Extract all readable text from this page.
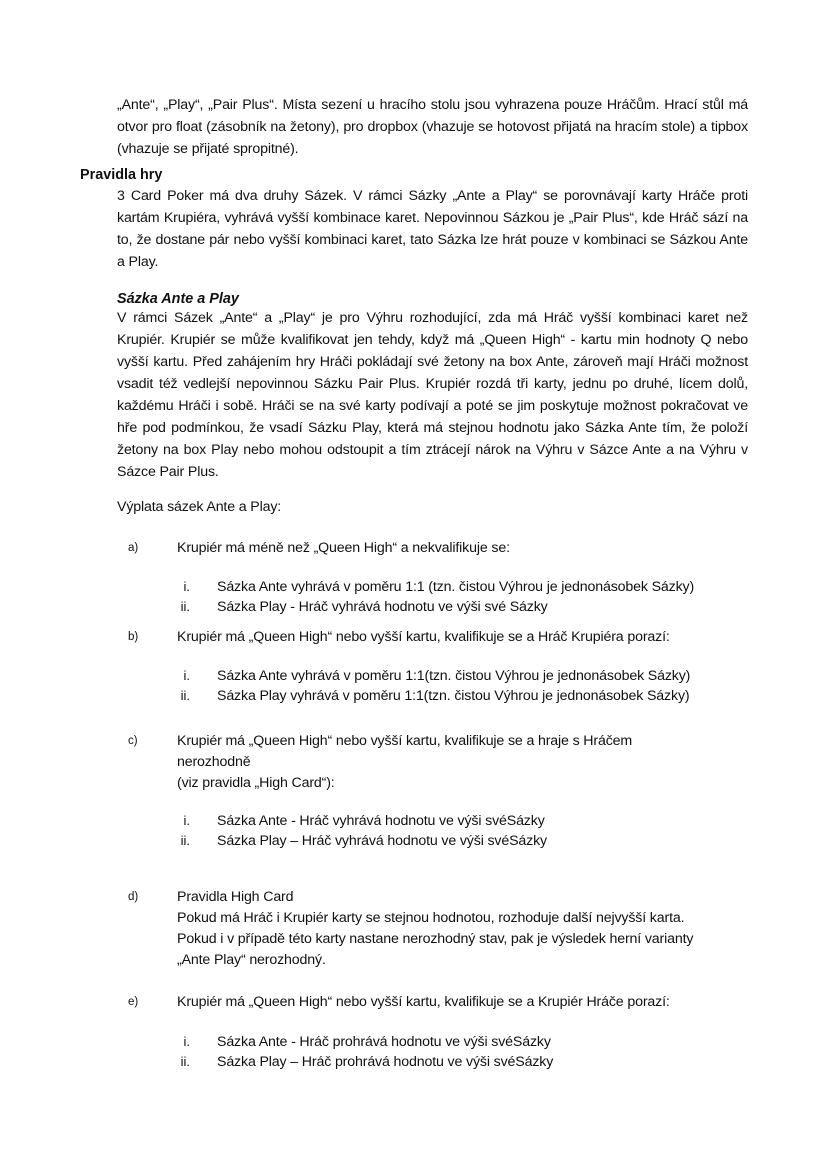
„Ante“, „Play“, „Pair Plus“. Místa sezení u hracího stolu jsou vyhrazena pouze Hráčům. Hrací stůl má otvor pro float (zásobník na žetony), pro dropbox (vhazuje se hotovost přijatá na hracím stole) a tipbox (vhazuje se přijaté spropitné).

Pravidla hry

3 Card Poker má dva druhy Sázek. V rámci Sázky „Ante a Play“ se porovnávají karty Hráče proti kartám Krupiéra, vyhrává vyšší kombinace karet. Nepovinnou Sázkou je „Pair Plus“, kde Hráč sází na to, že dostane pár nebo vyšší kombinaci karet, tato Sázka lze hrát pouze v kombinaci se Sázkou Ante a Play.

Sázka Ante a Play

V rámci Sázek „Ante“ a „Play“ je pro Výhru rozhodující, zda má Hráč vyšší kombinaci karet než Krupiér. Krupiér se může kvalifikovat jen tehdy, když má „Queen High“ - kartu min hodnoty Q nebo vyšší kartu. Před zahájením hry Hráči pokládají své žetony na box Ante, zároveň mají Hráči možnost vsadit též vedlejší nepovinnou Sázku Pair Plus. Krupiér rozdá tři karty, jednu po druhé, lícem dolů, každému Hráči i sobě. Hráči se na své karty podívají a poté se jim poskytuje možnost pokračovat ve hře pod podmínkou, že vsadí Sázku Play, která má stejnou hodnotu jako Sázka Ante tím, že položí žetony na box Play nebo mohou odstoupit a tím ztrácejí nárok na Výhru v Sázce Ante a na Výhru v Sázce Pair Plus.

Výplata sázek Ante a Play:

a)	Krupiér má méně než „Queen High“ a nekvalifikuje se:
i. Sázka Ante vyhrává v poměru 1:1 (tzn. čistou Výhrou je jednonásobek Sázky)
ii. Sázka Play - Hráč vyhrává hodnotu ve výši své Sázky
b)	Krupiér má „Queen High“ nebo vyšší kartu, kvalifikuje se a Hráč Krupiéra porazí:
i. Sázka Ante vyhrává v poměru 1:1(tzn. čistou Výhrou je jednonásobek Sázky)
ii. Sázka Play vyhrává v poměru 1:1(tzn. čistou Výhrou je jednonásobek Sázky)
c)	Krupiér má „Queen High“ nebo vyšší kartu, kvalifikuje se a hraje s Hráčem
nerozhodně
(viz pravidla „High Card“):
i. Sázka Ante - Hráč vyhrává hodnotu ve výši svéSázky
ii. Sázka Play – Hráč vyhrává hodnotu ve výši svéSázky
d)	Pravidla High Card
Pokud má Hráč i Krupiér karty se stejnou hodnotou, rozhoduje další nejvyšší karta.
Pokud i v případě této karty nastane nerozhodný stav, pak je výsledek herní varianty
„Ante Play“ nerozhodný.
e)	Krupiér má „Queen High“ nebo vyšší kartu, kvalifikuje se a Krupiér Hráče porazí:
i. Sázka Ante - Hráč prohrává hodnotu ve výši svéSázky
ii. Sázka Play – Hráč prohrává hodnotu ve výši svéSázky
